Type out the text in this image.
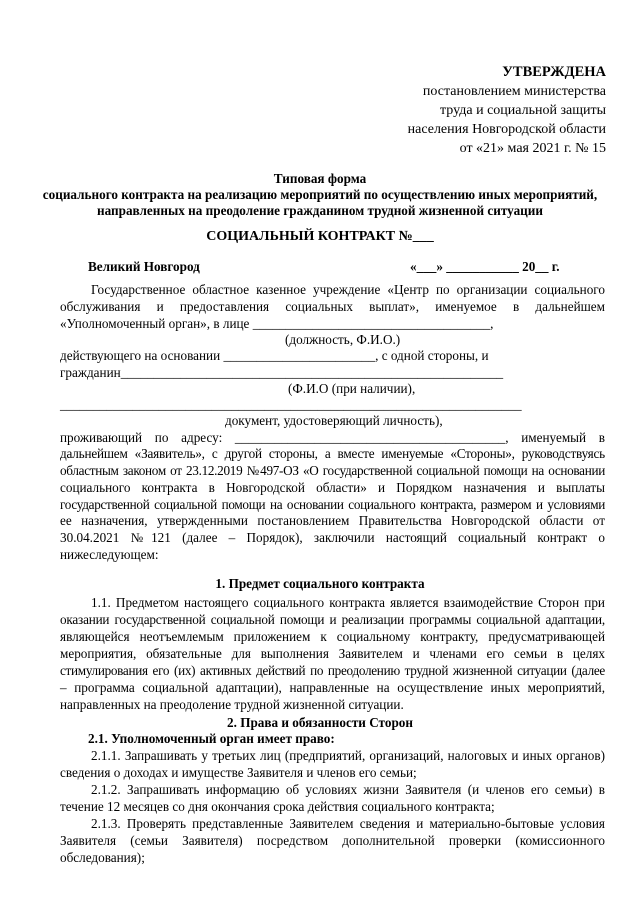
УТВЕРЖДЕНА
постановлением министерства
труда и социальной защиты
населения Новгородской области
от «21» мая 2021 г. № 15
Типовая форма
социального контракта на реализацию мероприятий по осуществлению иных мероприятий,
направленных на преодоление гражданином трудной жизненной ситуации
СОЦИАЛЬНЫЙ КОНТРАКТ №___
Великий Новгород	«___» ___________ 20__ г.
Государственное областное казенное учреждение «Центр по организации социального
обслуживания и предоставления социальных выплат», именуемое в дальнейшем
«Уполномоченный орган», в лице ____________________________________,
(должность, Ф.И.О.)
действующего на основании _______________________, с одной стороны, и
гражданин__________________________________________________________
(Ф.И.О (при наличии),
______________________________________________________________________
документ, удостоверяющий личность),
проживающий по адресу: _________________________________________, именуемый в
дальнейшем «Заявитель», с другой стороны, а вместе именуемые «Стороны», руководствуясь
областным законом от 23.12.2019 №497-ОЗ «О государственной социальной помощи на основании
социального контракта в Новгородской области» и Порядком назначения и выплаты
государственной социальной помощи на основании социального контракта, размером и условиями
ее назначения, утвержденными постановлением Правительства Новгородской области от
30.04.2021 №121 (далее – Порядок), заключили настоящий социальный контракт о
нижеследующем:
1. Предмет социального контракта
1.1. Предметом настоящего социального контракта является взаимодействие Сторон при
оказании государственной социальной помощи и реализации программы социальной адаптации,
являющейся неотъемлемым приложением к социальному контракту, предусматривающей
мероприятия, обязательные для выполнения Заявителем и членами его семьи в целях
стимулирования его (их) активных действий по преодолению трудной жизненной ситуации (далее
– программа социальной адаптации), направленные на осуществление иных мероприятий,
направленных на преодоление трудной жизненной ситуации.
2. Права и обязанности Сторон
2.1. Уполномоченный орган имеет право:
2.1.1. Запрашивать у третьих лиц (предприятий, организаций, налоговых и иных органов)
сведения о доходах и имуществе Заявителя и членов его семьи;
2.1.2. Запрашивать информацию об условиях жизни Заявителя (и членов его семьи) в
течение 12 месяцев со дня окончания срока действия социального контракта;
2.1.3. Проверять представленные Заявителем сведения и материально-бытовые условия
Заявителя (семьи Заявителя) посредством дополнительной проверки (комиссионного
обследования);
